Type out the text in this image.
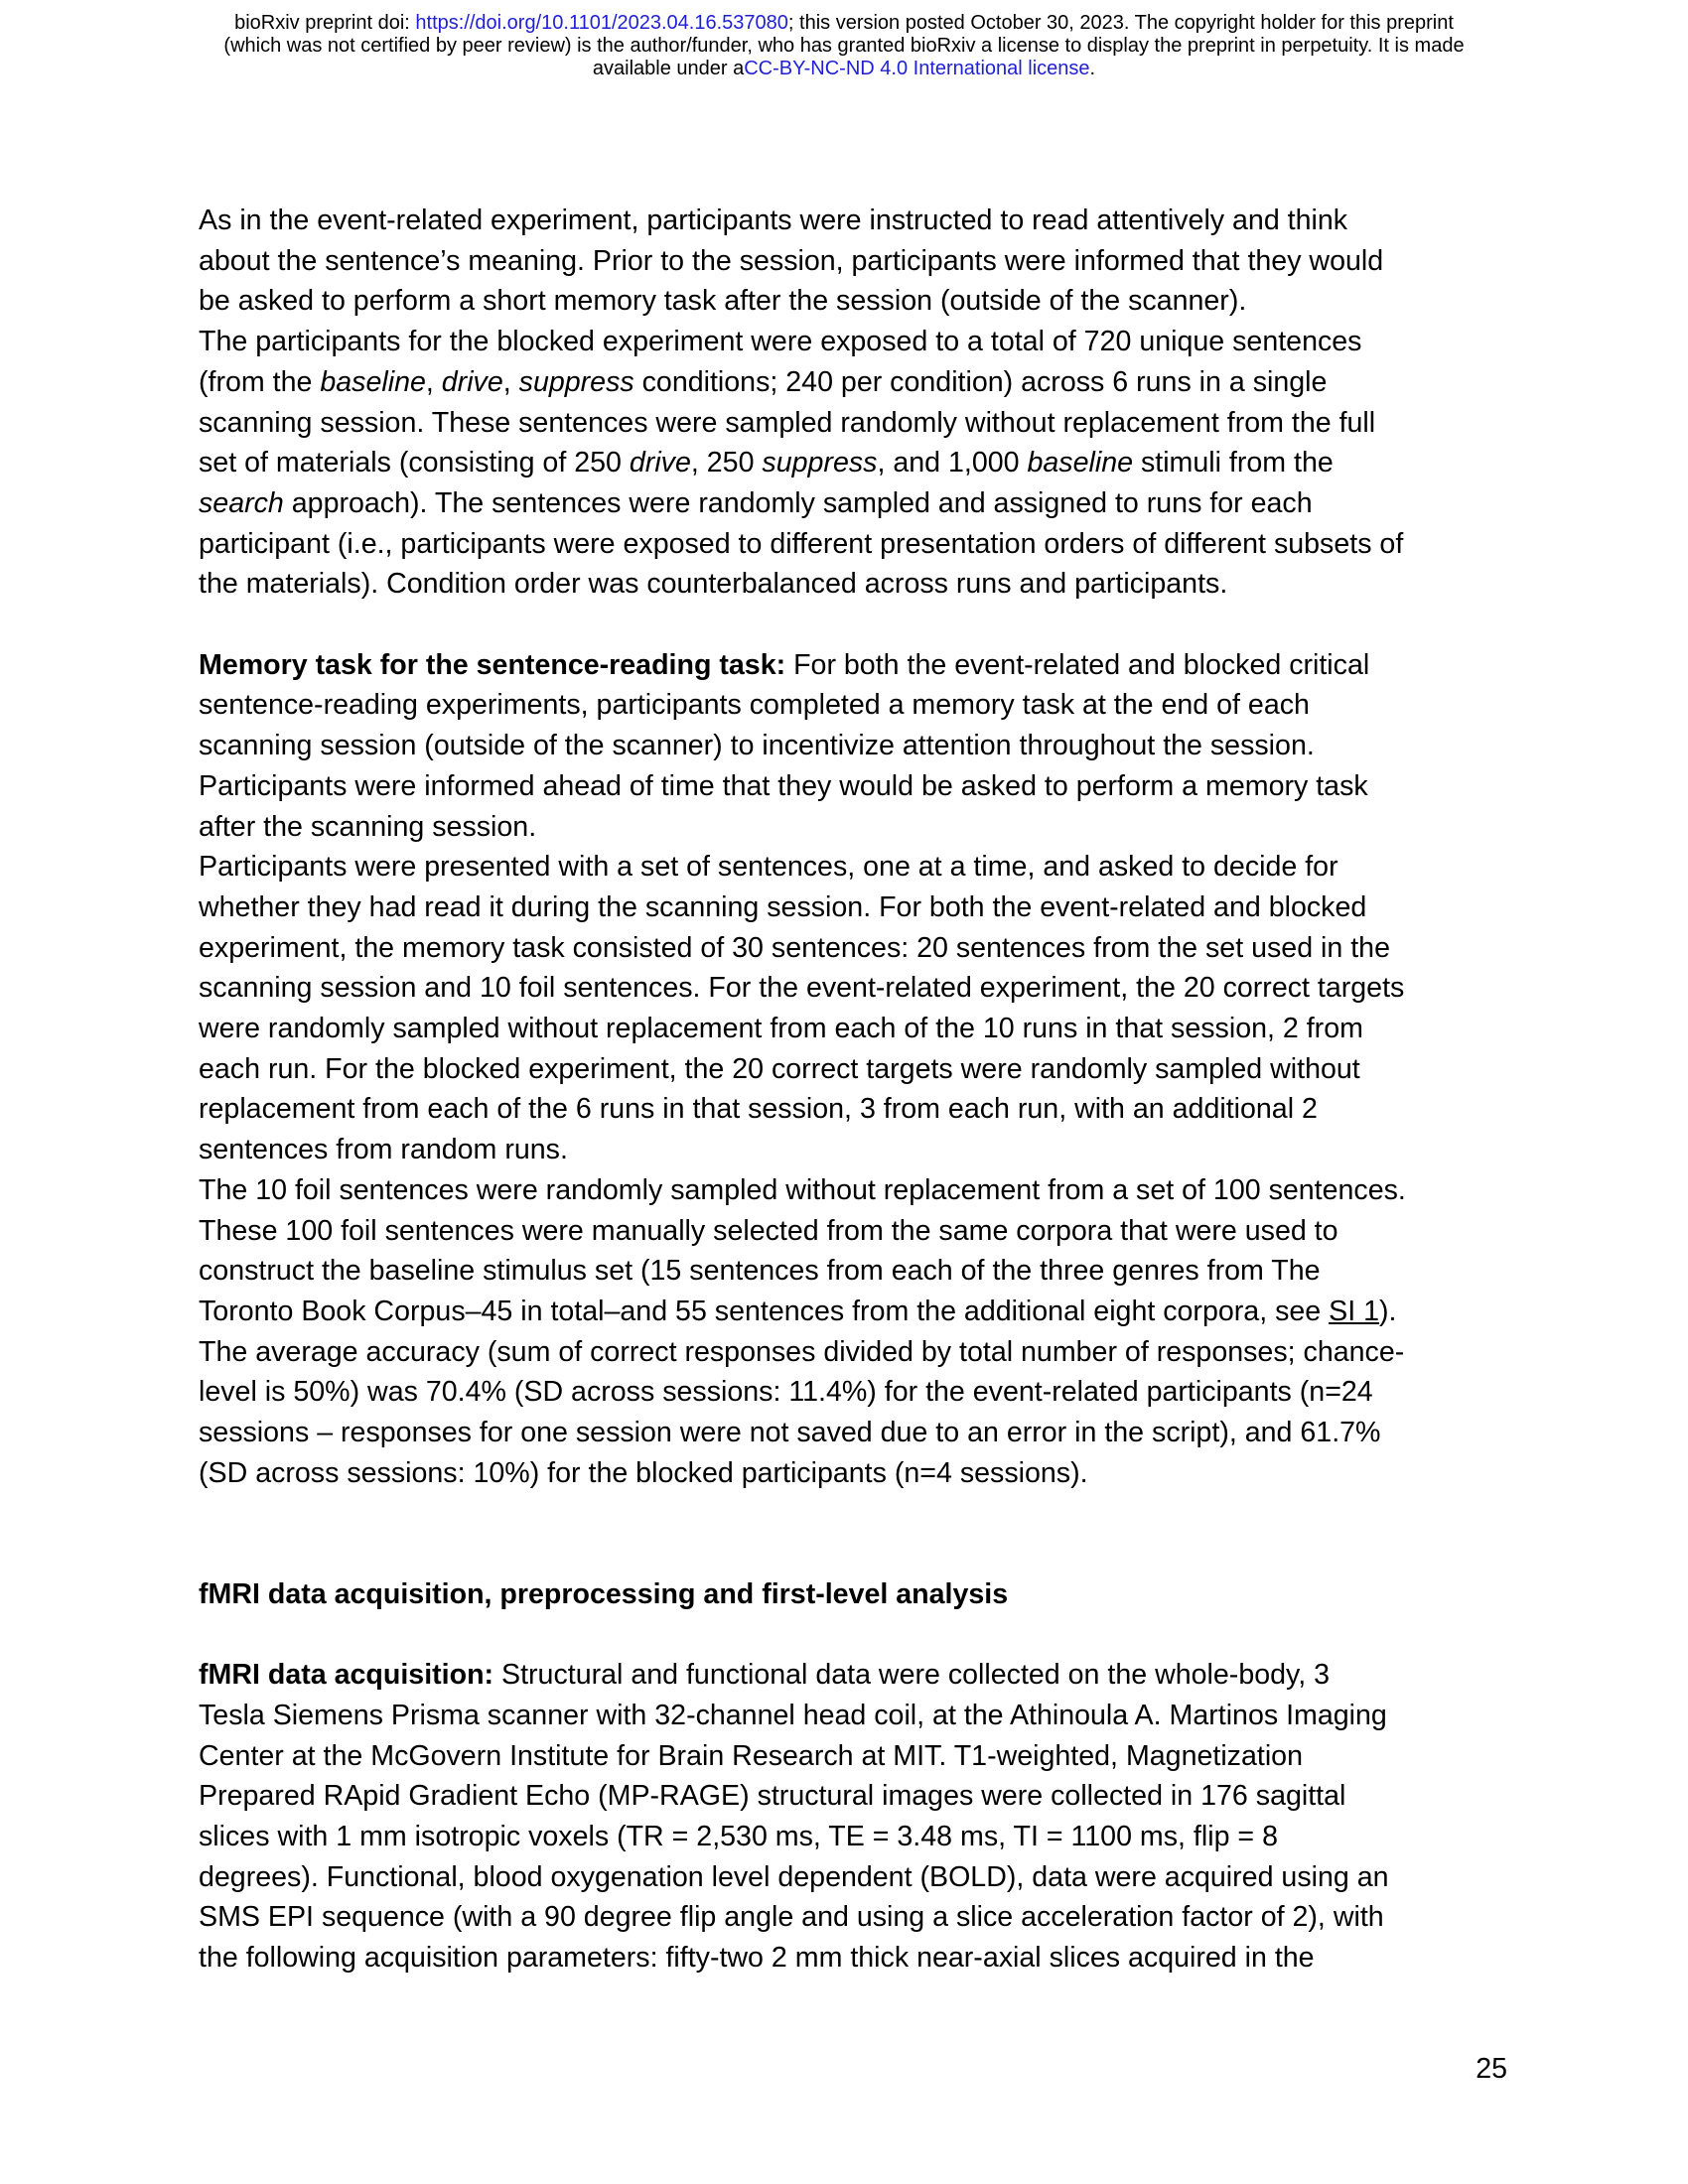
bioRxiv preprint doi: https://doi.org/10.1101/2023.04.16.537080; this version posted October 30, 2023. The copyright holder for this preprint
(which was not certified by peer review) is the author/funder, who has granted bioRxiv a license to display the preprint in perpetuity. It is made
available under aCC-BY-NC-ND 4.0 International license.

As in the event-related experiment, participants were instructed to read attentively and think

about the sentence’s meaning. Prior to the session, participants were informed that they would

be asked to perform a short memory task after the session (outside of the scanner).

The participants for the blocked experiment were exposed to a total of 720 unique sentences

(from the baseline, drive, suppress conditions; 240 per condition) across 6 runs in a single

scanning session. These sentences were sampled randomly without replacement from the full

set of materials (consisting of 250 drive, 250 suppress, and 1,000 baseline stimuli from the

search approach). The sentences were randomly sampled and assigned to runs for each

participant (i.e., participants were exposed to different presentation orders of different subsets of

the materials). Condition order was counterbalanced across runs and participants.

Memory task for the sentence-reading task: For both the event-related and blocked critical

sentence-reading experiments, participants completed a memory task at the end of each

scanning session (outside of the scanner) to incentivize attention throughout the session.

Participants were informed ahead of time that they would be asked to perform a memory task

after the scanning session.

Participants were presented with a set of sentences, one at a time, and asked to decide for

whether they had read it during the scanning session. For both the event-related and blocked

experiment, the memory task consisted of 30 sentences: 20 sentences from the set used in the

scanning session and 10 foil sentences. For the event-related experiment, the 20 correct targets

were randomly sampled without replacement from each of the 10 runs in that session, 2 from

each run. For the blocked experiment, the 20 correct targets were randomly sampled without

replacement from each of the 6 runs in that session, 3 from each run, with an additional 2

sentences from random runs.

The 10 foil sentences were randomly sampled without replacement from a set of 100 sentences.

These 100 foil sentences were manually selected from the same corpora that were used to

construct the baseline stimulus set (15 sentences from each of the three genres from The

Toronto Book Corpus–45 in total–and 55 sentences from the additional eight corpora, see SI 1).

The average accuracy (sum of correct responses divided by total number of responses; chance-

level is 50%) was 70.4% (SD across sessions: 11.4%) for the event-related participants (n=24

sessions – responses for one session were not saved due to an error in the script), and 61.7%

(SD across sessions: 10%) for the blocked participants (n=4 sessions).

fMRI data acquisition, preprocessing and first-level analysis

fMRI data acquisition: Structural and functional data were collected on the whole-body, 3

Tesla Siemens Prisma scanner with 32-channel head coil, at the Athinoula A. Martinos Imaging

Center at the McGovern Institute for Brain Research at MIT. T1-weighted, Magnetization

Prepared RApid Gradient Echo (MP-RAGE) structural images were collected in 176 sagittal

slices with 1 mm isotropic voxels (TR = 2,530 ms, TE = 3.48 ms, TI = 1100 ms, flip = 8

degrees). Functional, blood oxygenation level dependent (BOLD), data were acquired using an

SMS EPI sequence (with a 90 degree flip angle and using a slice acceleration factor of 2), with

the following acquisition parameters: fifty-two 2 mm thick near-axial slices acquired in the

25
